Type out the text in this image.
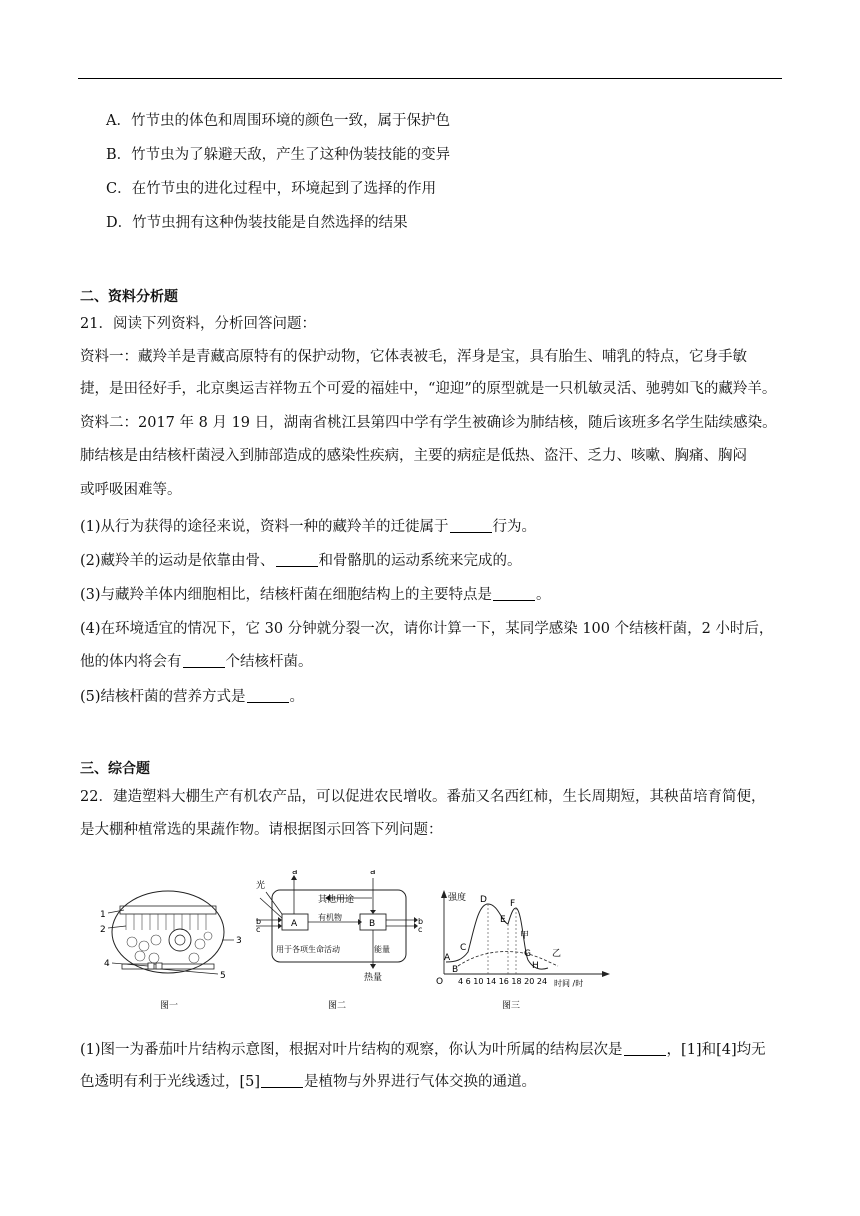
A．竹节虫的体色和周围环境的颜色一致，属于保护色
B．竹节虫为了躲避天敌，产生了这种伪装技能的变异
C．在竹节虫的进化过程中，环境起到了选择的作用
D．竹节虫拥有这种伪装技能是自然选择的结果
二、资料分析题
21．阅读下列资料，分析回答问题：
资料一：藏羚羊是青藏高原特有的保护动物，它体表被毛，浑身是宝，具有胎生、哺乳的特点，它身手敏
捷，是田径好手，北京奥运吉祥物五个可爱的福娃中，“迎迎”的原型就是一只机敏灵活、驰骋如飞的藏羚羊。
资料二：2017 年 8 月 19 日，湖南省桃江县第四中学有学生被确诊为肺结核，随后该班多名学生陆续感染。
肺结核是由结核杆菌浸入到肺部造成的感染性疾病，主要的病症是低热、盗汗、乏力、咳嗽、胸痛、胸闷
或呼吸困难等。
(1)从行为获得的途径来说，资料一种的藏羚羊的迁徙属于	行为。
(2)藏羚羊的运动是依靠由骨、	和骨骼肌的运动系统来完成的。
(3)与藏羚羊体内细胞相比，结核杆菌在细胞结构上的主要特点是	。
(4)在环境适宜的情况下，它 30 分钟就分裂一次，请你计算一下，某同学感染 100 个结核杆菌，2 小时后，
他的体内将会有	个结核杆菌。
(5)结核杆菌的营养方式是	。
三、综合题
22．建造塑料大棚生产有机农产品，可以促进农民增收。番茄又名西红柿，生长周期短，其秧苗培育简便，
是大棚种植常选的果蔬作物。请根据图示回答下列问题：
1
2
3
4
5
图一
光
a	a
其他用途
A	B
有机物
用于各项生命活动	能量
热量
b
c
b
c
图二
强度
O 4 6 10 14 16 18 20 24 时间 /时
A
B
C
D
E
F
G
H
甲
乙
图三
(1)图一为番茄叶片结构示意图，根据对叶片结构的观察，你认为叶所属的结构层次是	，[1]和[4]均无
色透明有利于光线透过，[5]	是植物与外界进行气体交换的通道。
